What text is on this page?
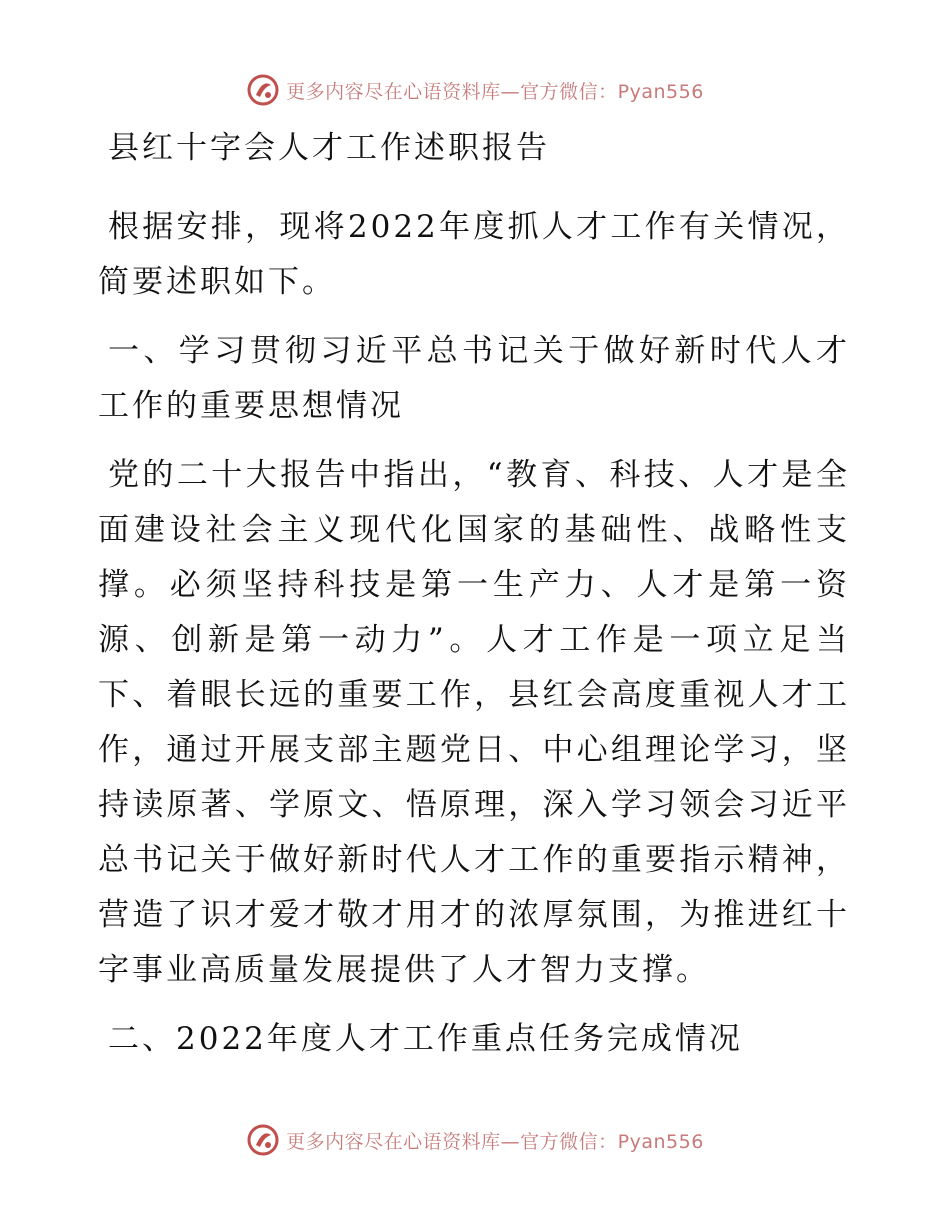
更多内容尽在心语资料库—官方微信：Pyan556
县红十字会人才工作述职报告

根据安排，现将2022年度抓人才工作有关情况，简要述职如下。

一、学习贯彻习近平总书记关于做好新时代人才工作的重要思想情况

党的二十大报告中指出，“教育、科技、人才是全面建设社会主义现代化国家的基础性、战略性支撑。必须坚持科技是第一生产力、人才是第一资源、创新是第一动力”。人才工作是一项立足当下、着眼长远的重要工作，县红会高度重视人才工作，通过开展支部主题党日、中心组理论学习，坚持读原著、学原文、悟原理，深入学习领会习近平总书记关于做好新时代人才工作的重要指示精神，营造了识才爱才敬才用才的浓厚氛围，为推进红十字事业高质量发展提供了人才智力支撑。

二、2022年度人才工作重点任务完成情况

更多内容尽在心语资料库—官方微信：Pyan556
